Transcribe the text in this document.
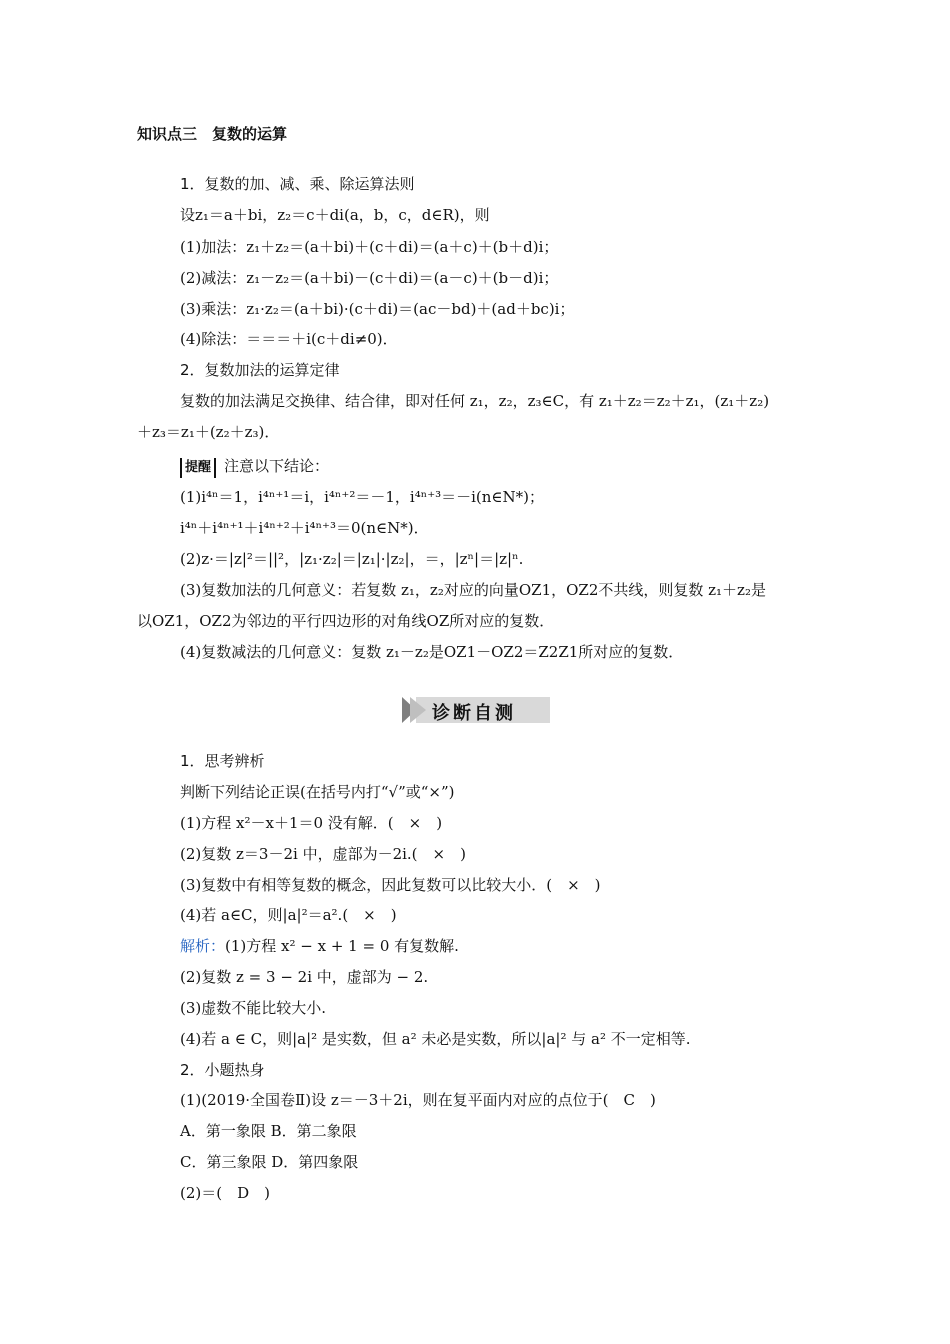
知识点三　复数的运算
1．复数的加、减、乘、除运算法则
设z₁＝a＋bi，z₂＝c＋di(a，b，c，d∈R)，则
(1)加法：z₁＋z₂＝(a＋bi)＋(c＋di)＝(a＋c)＋(b＋d)i；
(2)减法：z₁－z₂＝(a＋bi)－(c＋di)＝(a－c)＋(b－d)i；
(3)乘法：z₁·z₂＝(a＋bi)·(c＋di)＝(ac－bd)＋(ad＋bc)i；
(4)除法：＝＝＝＋i(c＋di≠0)．
2．复数加法的运算定律
复数的加法满足交换律、结合律，即对任何 z₁，z₂，z₃∈C，有 z₁＋z₂＝z₂＋z₁，(z₁＋z₂)
＋z₃＝z₁＋(z₂＋z₃)．
提醒 注意以下结论：
(1)i⁴ⁿ＝1，i⁴ⁿ⁺¹＝i，i⁴ⁿ⁺²＝－1，i⁴ⁿ⁺³＝－i(n∈N*)；
i⁴ⁿ＋i⁴ⁿ⁺¹＋i⁴ⁿ⁺²＋i⁴ⁿ⁺³＝0(n∈N*)．
(2)z·＝|z|²＝||²，|z₁·z₂|＝|z₁|·|z₂|，＝，|zⁿ|＝|z|ⁿ.
(3)复数加法的几何意义：若复数 z₁，z₂对应的向量OZ1，OZ2不共线，则复数 z₁＋z₂是
以OZ1，OZ2为邻边的平行四边形的对角线OZ所对应的复数．
(4)复数减法的几何意义：复数 z₁－z₂是OZ1－OZ2＝Z2Z1所对应的复数．
诊断自测
1．思考辨析
判断下列结论正误(在括号内打“√”或“×”)
(1)方程 x²－x＋1＝0 没有解．(　×　)
(2)复数 z＝3－2i 中，虚部为－2i.(　×　)
(3)复数中有相等复数的概念，因此复数可以比较大小．(　×　)
(4)若 a∈C，则|a|²＝a².(　×　)
解析：(1)方程 x² − x + 1 = 0 有复数解.
(2)复数 z = 3 − 2i 中，虚部为 − 2.
(3)虚数不能比较大小.
(4)若 a ∈ C，则|a|² 是实数，但 a² 未必是实数，所以|a|² 与 a² 不一定相等.
2．小题热身
(1)(2019·全国卷Ⅱ)设 z＝－3＋2i，则在复平面内对应的点位于(　C　)
A．第一象限 B．第二象限
C．第三象限 D．第四象限
(2)＝(　D　)
